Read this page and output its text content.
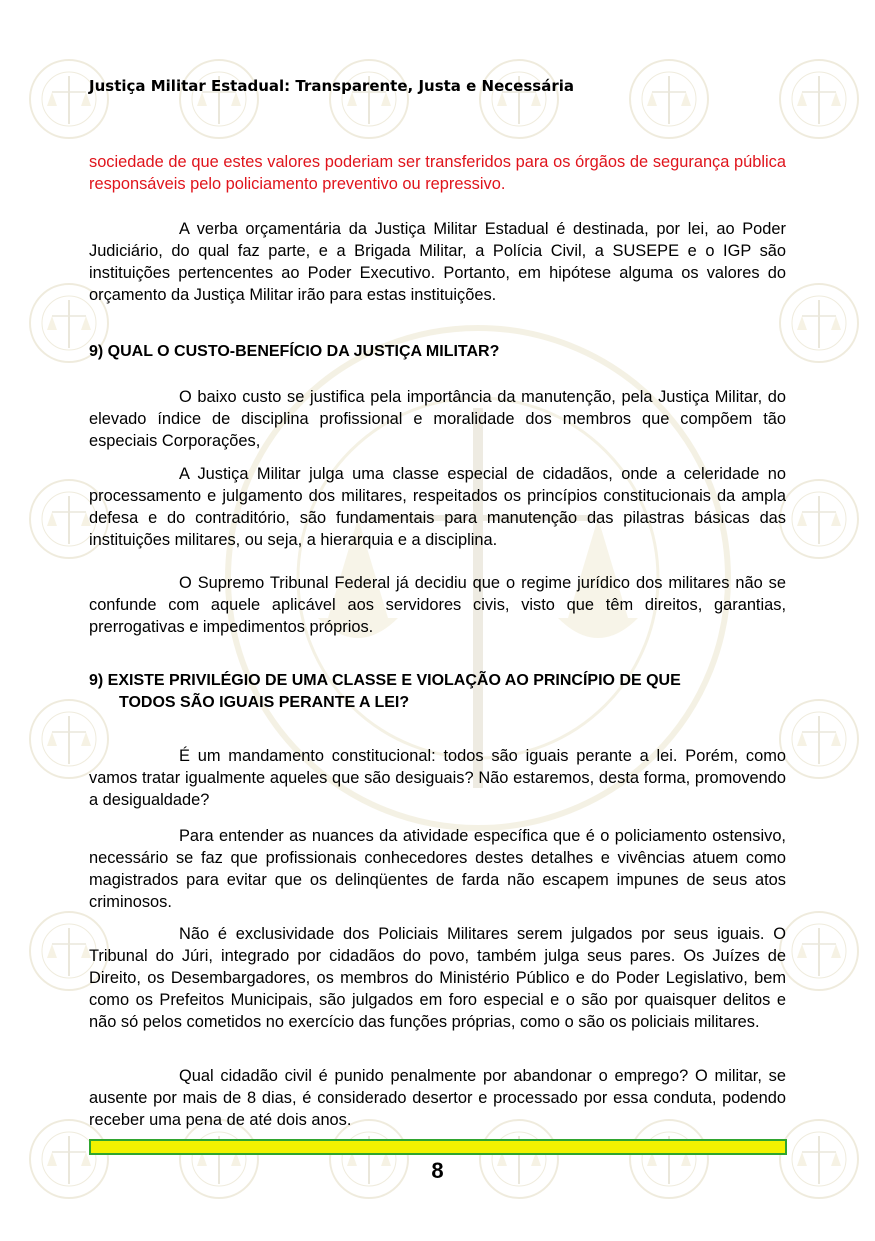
Justiça Militar Estadual: Transparente, Justa e Necessária

sociedade de que estes valores poderiam ser transferidos para os órgãos de segurança pública responsáveis pelo policiamento preventivo ou repressivo.

A verba orçamentária da Justiça Militar Estadual é destinada, por lei, ao Poder Judiciário, do qual faz parte, e a Brigada Militar, a Polícia Civil, a SUSEPE e o IGP são instituições pertencentes ao Poder Executivo. Portanto, em hipótese alguma os valores do orçamento da Justiça Militar irão para estas instituições.

9) QUAL O CUSTO-BENEFÍCIO DA JUSTIÇA MILITAR?

O baixo custo se justifica pela importância da manutenção, pela Justiça Militar, do elevado índice de disciplina profissional e moralidade dos membros que compõem tão especiais Corporações,

A Justiça Militar julga uma classe especial de cidadãos, onde a celeridade no processamento e julgamento dos militares, respeitados os princípios constitucionais da ampla defesa e do contraditório, são fundamentais para manutenção das pilastras básicas das instituições militares, ou seja, a hierarquia e a disciplina.

O Supremo Tribunal Federal já decidiu que o regime jurídico dos militares não se confunde com aquele aplicável aos servidores civis, visto que têm direitos, garantias, prerrogativas e impedimentos próprios.

9) EXISTE PRIVILÉGIO DE UMA CLASSE E VIOLAÇÃO AO PRINCÍPIO DE QUE
TODOS SÃO IGUAIS PERANTE A LEI?

É um mandamento constitucional: todos são iguais perante a lei. Porém, como vamos tratar igualmente aqueles que são desiguais? Não estaremos, desta forma, promovendo a desigualdade?

Para entender as nuances da atividade específica que é o policiamento ostensivo, necessário se faz que profissionais conhecedores destes detalhes e vivências atuem como magistrados para evitar que os delinqüentes de farda não escapem impunes de seus atos criminosos.

Não é exclusividade dos Policiais Militares serem julgados por seus iguais. O Tribunal do Júri, integrado por cidadãos do povo, também julga seus pares. Os Juízes de Direito, os Desembargadores, os membros do Ministério Público e do Poder Legislativo, bem como os Prefeitos Municipais, são julgados em foro especial e o são por quaisquer delitos e não só pelos cometidos no exercício das funções próprias, como o são os policiais militares.

Qual cidadão civil é punido penalmente por abandonar o emprego? O militar, se ausente por mais de 8 dias, é considerado desertor e processado por essa conduta, podendo receber uma pena de até dois anos.

8
